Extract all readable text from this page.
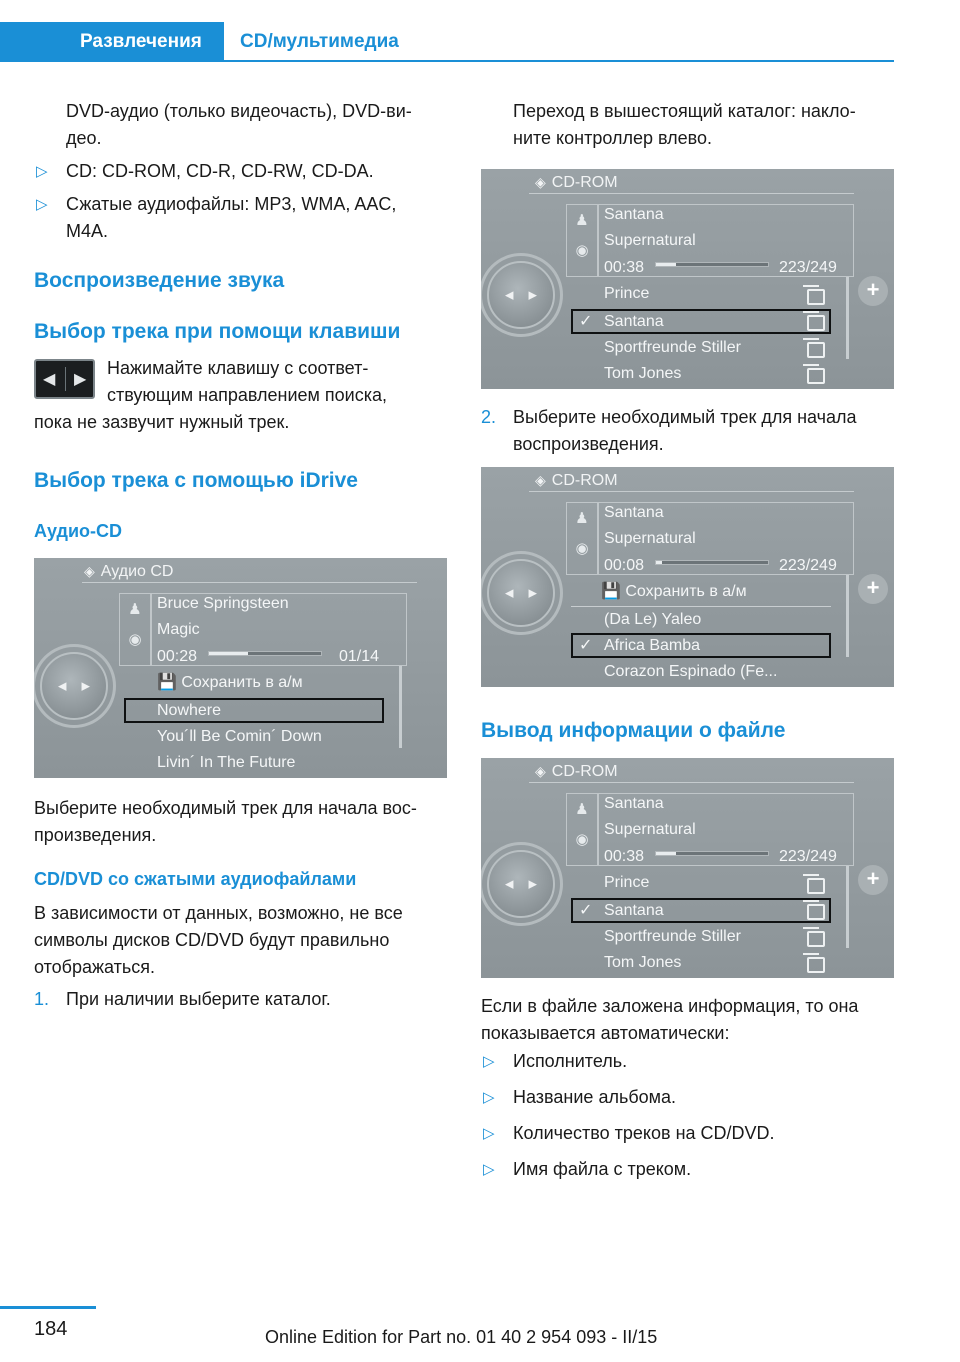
Развлечения	CD/мультимедиа
DVD-аудио (только видеочасть), DVD-ви-
део.
▷ CD: CD-ROM, CD-R, CD-RW, CD-DA.
▷ Сжатые аудиофайлы: MP3, WMA, AAC,
M4A.
Воспроизведение звука
Выбор трека при помощи клавиши
◀ ▶
Нажимайте клавишу с соответ-
ствующим направлением поиска,
пока не зазвучит нужный трек.
Выбор трека с помощью iDrive
Аудио-CD
◈ Аудио CD
♟
◉
Bruce Springsteen
Magic
00:28	01/14
◀ ▶	💾 Сохранить в а/м
Nowhere
You´ll Be Comin´ Down
Livin´ In The Future
Выберите необходимый трек для начала вос-
произведения.
CD/DVD со сжатыми аудиофайлами
В зависимости от данных, возможно, не все
символы дисков CD/DVD будут правильно
отображаться.
1. При наличии выберите каталог.
Переход в вышестоящий каталог: накло-
ните контроллер влево.
◈ CD-ROM
♟
◉
Santana
Supernatural
00:38	223/249
◀ ▶	+
Prince
✓ Santana
Sportfreunde Stiller
Tom Jones
2. Выберите необходимый трек для начала
воспроизведения.
◈ CD-ROM
♟
◉
Santana
Supernatural
00:08	223/249
◀ ▶	+
💾 Сохранить в а/м
(Da Le) Yaleo
✓ Africa Bamba
Corazon Espinado (Fe...
Вывод информации о файле
◈ CD-ROM
♟
◉
Santana
Supernatural
00:38	223/249
◀ ▶	+
Prince
✓ Santana
Sportfreunde Stiller
Tom Jones
Если в файле заложена информация, то она
показывается автоматически:
▷ Исполнитель.
▷ Название альбома.
▷ Количество треков на CD/DVD.
▷ Имя файла с треком.
184	Online Edition for Part no. 01 40 2 954 093 - II/15
